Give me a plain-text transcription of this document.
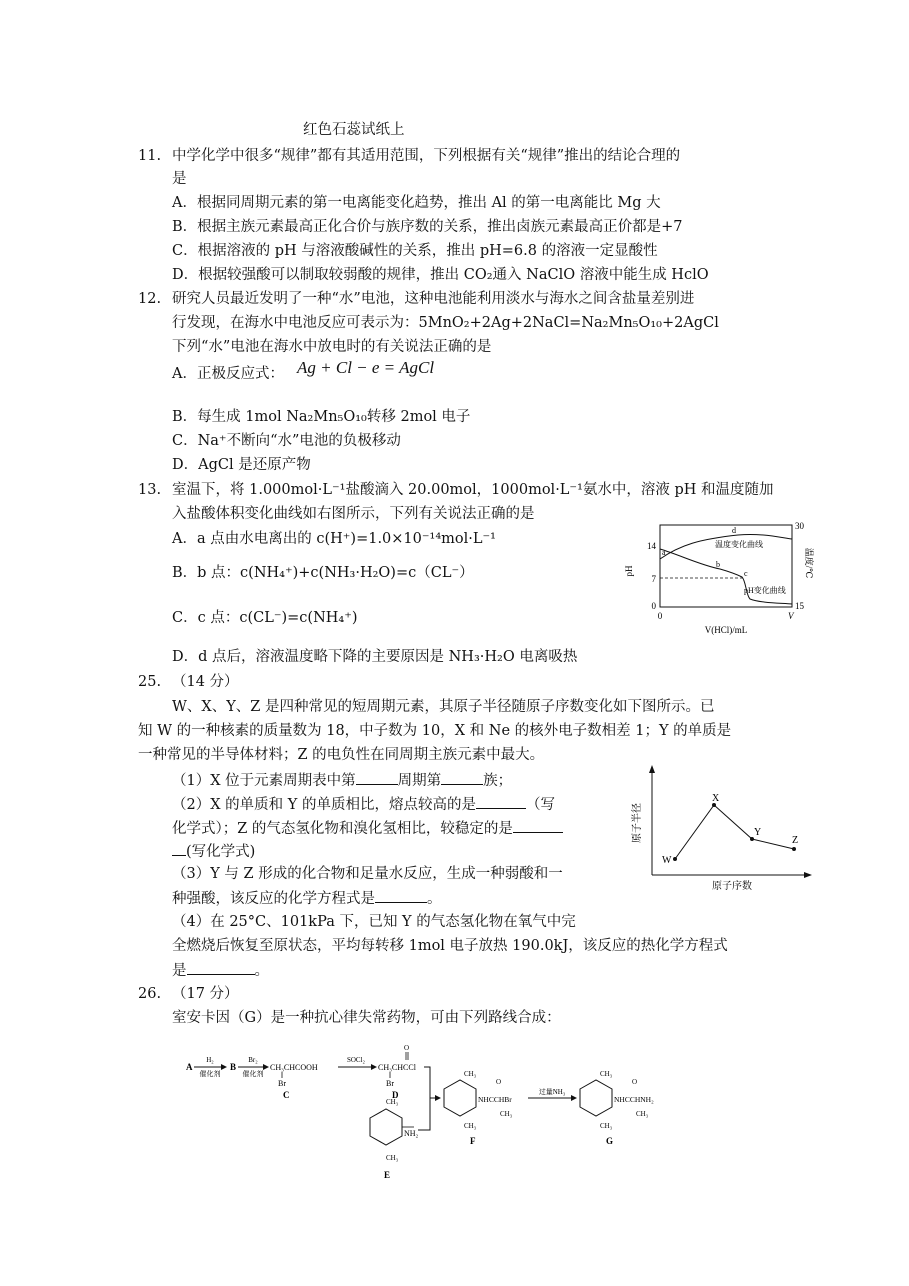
红色石蕊试纸上
11. 中学化学中很多“规律”都有其适用范围，下列根据有关“规律”推出的结论合理的
是
A．根据同周期元素的第一电离能变化趋势，推出 Al 的第一电离能比 Mg 大
B．根据主族元素最高正化合价与族序数的关系，推出卤族元素最高正价都是+7
C．根据溶液的 pH 与溶液酸碱性的关系，推出 pH=6.8 的溶液一定显酸性
D．根据较强酸可以制取较弱酸的规律，推出 CO₂通入 NaClO 溶液中能生成 HclO
12. 研究人员最近发明了一种“水”电池，这种电池能利用淡水与海水之间含盐量差别进
行发现，在海水中电池反应可表示为：5MnO₂+2Ag+2NaCl=Na₂Mn₅O₁₀+2AgCl
下列“水”电池在海水中放电时的有关说法正确的是
A．正极反应式： Ag + Cl − e = AgCl
B．每生成 1mol Na₂Mn₅O₁₀转移 2mol 电子
C．Na⁺不断向“水”电池的负极移动
D．AgCl 是还原产物
13. 室温下，将 1.000mol·L⁻¹盐酸滴入 20.00mol，1000mol·L⁻¹氨水中，溶液 pH 和温度随加
入盐酸体积变化曲线如右图所示，下列有关说法正确的是
A．a 点由水电离出的 c(H⁺)=1.0×10⁻¹⁴mol·L⁻¹
B．b 点：c(NH₄⁺)+c(NH₃·H₂O)=c（CL⁻）
C．c 点：c(CL⁻)=c(NH₄⁺)
D．d 点后，溶液温度略下降的主要原因是 NH₃·H₂O 电离吸热
14
7
0
30
15
0	V
V(HCl)/mL
pH	温度/℃
a
b
c
d
温度变化曲线
pH变化曲线
25. （14 分）
W、X、Y、Z 是四种常见的短周期元素，其原子半径随原子序数变化如下图所示。已
知 W 的一种核素的质量数为 18，中子数为 10，X 和 Ne 的核外电子数相差 1；Y 的单质是
一种常见的半导体材料；Z 的电负性在同周期主族元素中最大。
（1）X 位于元素周期表中第	周期第	族；
（2）X 的单质和 Y 的单质相比，熔点较高的是	（写
化学式）；Z 的气态氢化物和溴化氢相比，较稳定的是
(写化学式)
（3）Y 与 Z 形成的化合物和足量水反应，生成一种弱酸和一
种强酸，该反应的化学方程式是	。
（4）在 25°C、101kPa 下，已知 Y 的气态氢化物在氧气中完
全燃烧后恢复至原状态，平均每转移 1mol 电子放热 190.0kJ，该反应的热化学方程式
是	。
原子半径
原子序数
W
X
Y
Z
26. （17 分）
室安卡因（G）是一种抗心律失常药物，可由下列路线合成：
A
H₂
催化剂
B
Br₂
催化剂
CH₃CHCOOH
Br
C
SOCl₂
O
CH₃CHCCl
Br
D
CH₃
CH₃
NH₂
E
CH₃
CH₃
NHCCHBr
O
CH₃
F
过量NH₃
CH₃
CH₃
NHCCHNH₂
O
CH₃
G
